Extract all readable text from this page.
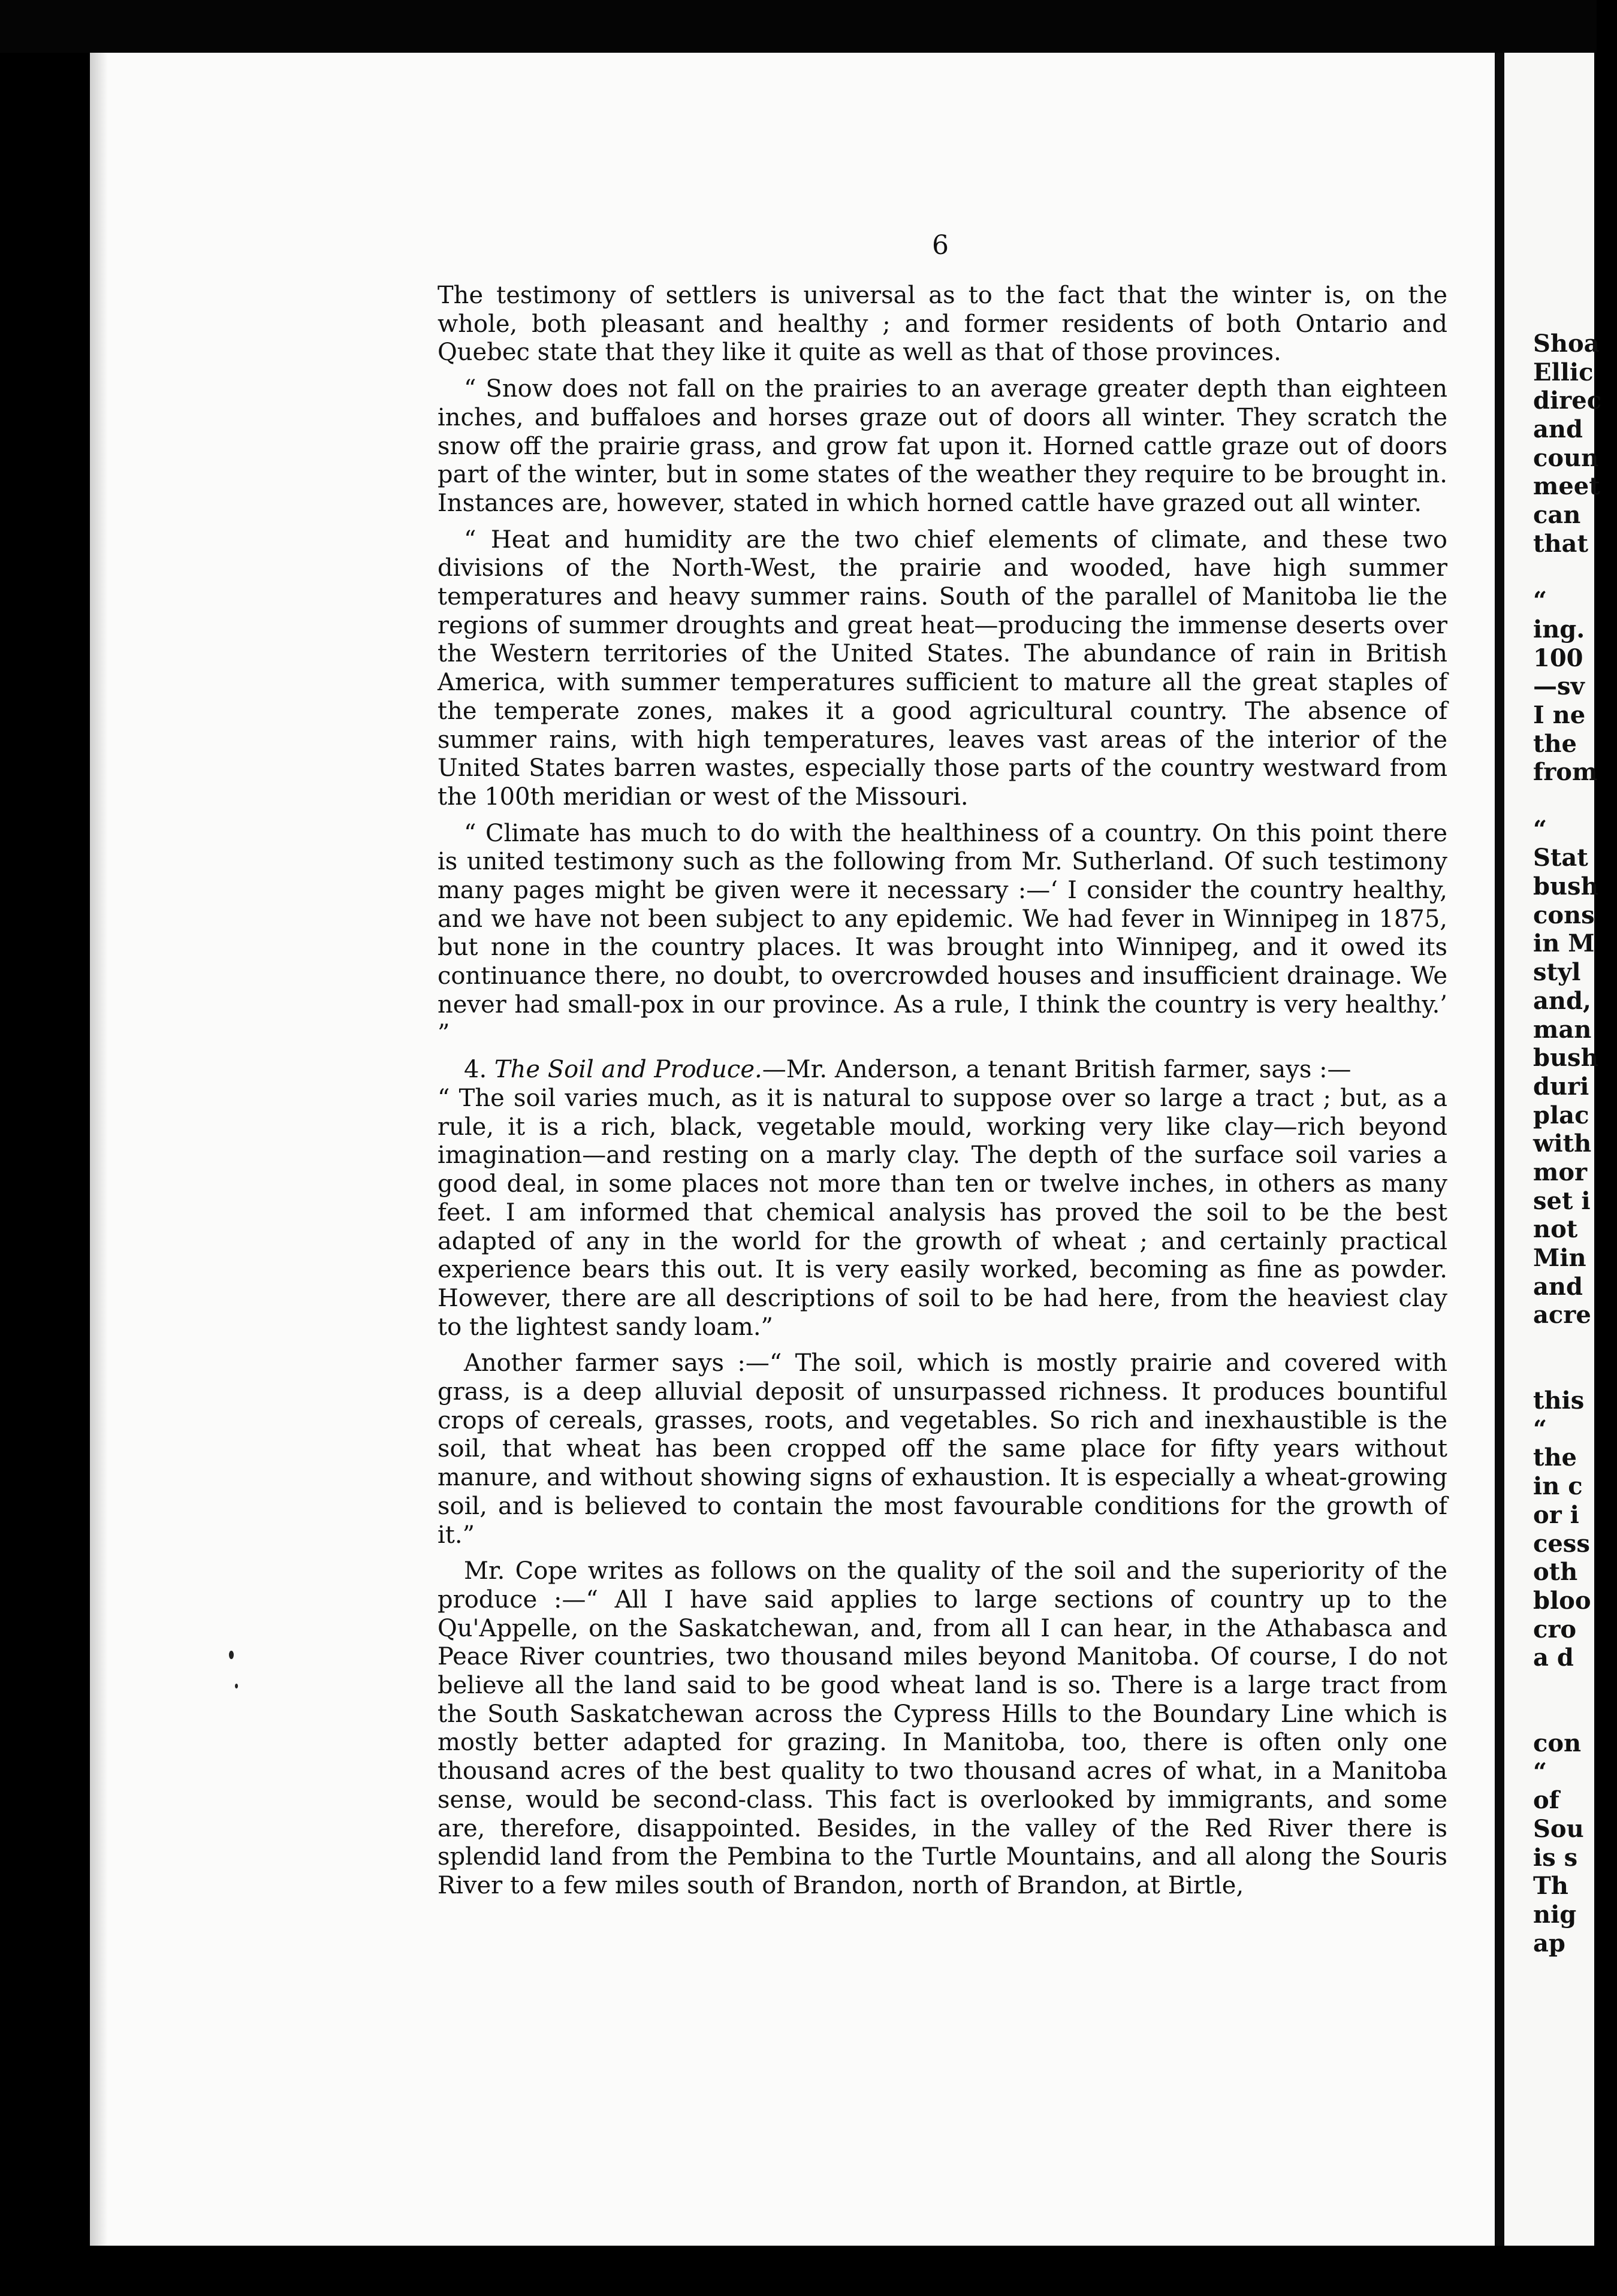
Shoa
Ellic
direc
and
coun
meet
can
that
“
ing.
100
—sv
I ne
the
from
“
Stat
bush
cons
in M
styl
and,
man
bush
duri
plac
with
mor
set i
not
Min
and
acre
this
“
the
in c
or i
cess
oth
bloo
cro
a d
con
“
of
Sou
is s
Th
nig
ap
6

The testimony of settlers is universal as to the fact that the winter is, on the whole, both pleasant and healthy ; and former residents of both Ontario and Quebec state that they like it quite as well as that of those provinces.

“ Snow does not fall on the prairies to an average greater depth than eighteen inches, and buffaloes and horses graze out of doors all winter. They scratch the snow off the prairie grass, and grow fat upon it. Horned cattle graze out of doors part of the winter, but in some states of the weather they require to be brought in. Instances are, however, stated in which horned cattle have grazed out all winter.

“ Heat and humidity are the two chief elements of climate, and these two divisions of the North-West, the prairie and wooded, have high summer temperatures and heavy summer rains. South of the parallel of Manitoba lie the regions of summer droughts and great heat—producing the immense deserts over the Western territories of the United States. The abundance of rain in British America, with summer temperatures sufficient to mature all the great staples of the temperate zones, makes it a good agricultural country. The absence of summer rains, with high temperatures, leaves vast areas of the interior of the United States barren wastes, especially those parts of the country westward from the 100th meridian or west of the Missouri.

“ Climate has much to do with the healthiness of a country. On this point there is united testimony such as the following from Mr. Sutherland. Of such testimony many pages might be given were it necessary :—‘ I consider the country healthy, and we have not been subject to any epidemic. We had fever in Winnipeg in 1875, but none in the country places. It was brought into Winnipeg, and it owed its continuance there, no doubt, to overcrowded houses and insufficient drainage. We never had small-pox in our province. As a rule, I think the country is very healthy.’ ”

4. The Soil and Produce.—Mr. Anderson, a tenant British farmer, says :—

“ The soil varies much, as it is natural to suppose over so large a tract ; but, as a rule, it is a rich, black, vegetable mould, working very like clay—rich beyond imagination—and resting on a marly clay. The depth of the surface soil varies a good deal, in some places not more than ten or twelve inches, in others as many feet. I am informed that chemical analysis has proved the soil to be the best adapted of any in the world for the growth of wheat ; and certainly practical experience bears this out. It is very easily worked, becoming as fine as powder. However, there are all descriptions of soil to be had here, from the heaviest clay to the lightest sandy loam.”

Another farmer says :—“ The soil, which is mostly prairie and covered with grass, is a deep alluvial deposit of unsurpassed richness. It produces bountiful crops of cereals, grasses, roots, and vegetables. So rich and inexhaustible is the soil, that wheat has been cropped off the same place for fifty years without manure, and without showing signs of exhaustion. It is especially a wheat-growing soil, and is believed to contain the most favourable conditions for the growth of it.”

Mr. Cope writes as follows on the quality of the soil and the superiority of the produce :—“ All I have said applies to large sections of country up to the Qu'Appelle, on the Saskatchewan, and, from all I can hear, in the Athabasca and Peace River countries, two thousand miles beyond Manitoba. Of course, I do not believe all the land said to be good wheat land is so. There is a large tract from the South Saskatchewan across the Cypress Hills to the Boundary Line which is mostly better adapted for grazing. In Manitoba, too, there is often only one thousand acres of the best quality to two thousand acres of what, in a Manitoba sense, would be second-class. This fact is overlooked by immigrants, and some are, therefore, disappointed. Besides, in the valley of the Red River there is splendid land from the Pembina to the Turtle Mountains, and all along the Souris River to a few miles south of Brandon, north of Brandon, at Birtle,
